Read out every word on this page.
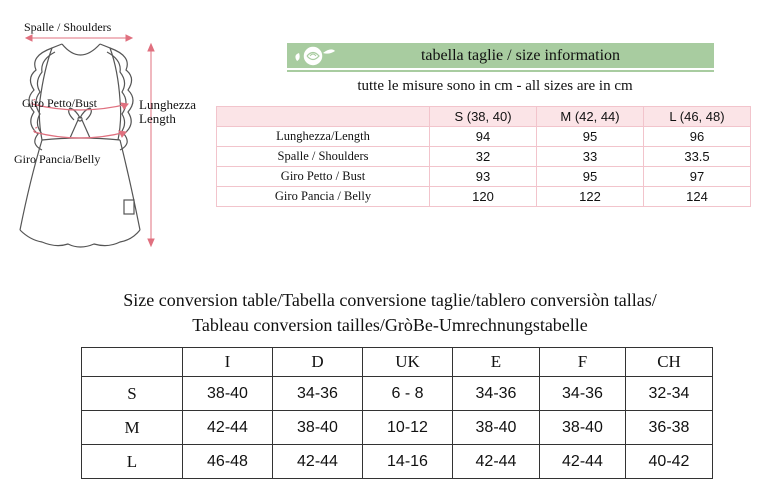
Spalle / Shoulders
Giro Petto/Bust
Giro Pancia/Belly
Lunghezza
Length
tabella taglie / size information
tutte le misure sono in cm - all sizes are in cm
	S (38, 40)	M (42, 44)	L (46, 48)
Lunghezza/Length	94	95	96
Spalle / Shoulders	32	33	33.5
Giro Petto / Bust	93	95	97
Giro Pancia / Belly	120	122	124
Size conversion table/Tabella conversione taglie/tablero conversiòn tallas/
Tableau conversion tailles/GròBe-Umrechnungstabelle
	I	D	UK	E	F	CH
S	38-40	34-36	6 - 8	34-36	34-36	32-34
M	42-44	38-40	10-12	38-40	38-40	36-38
L	46-48	42-44	14-16	42-44	42-44	40-42
